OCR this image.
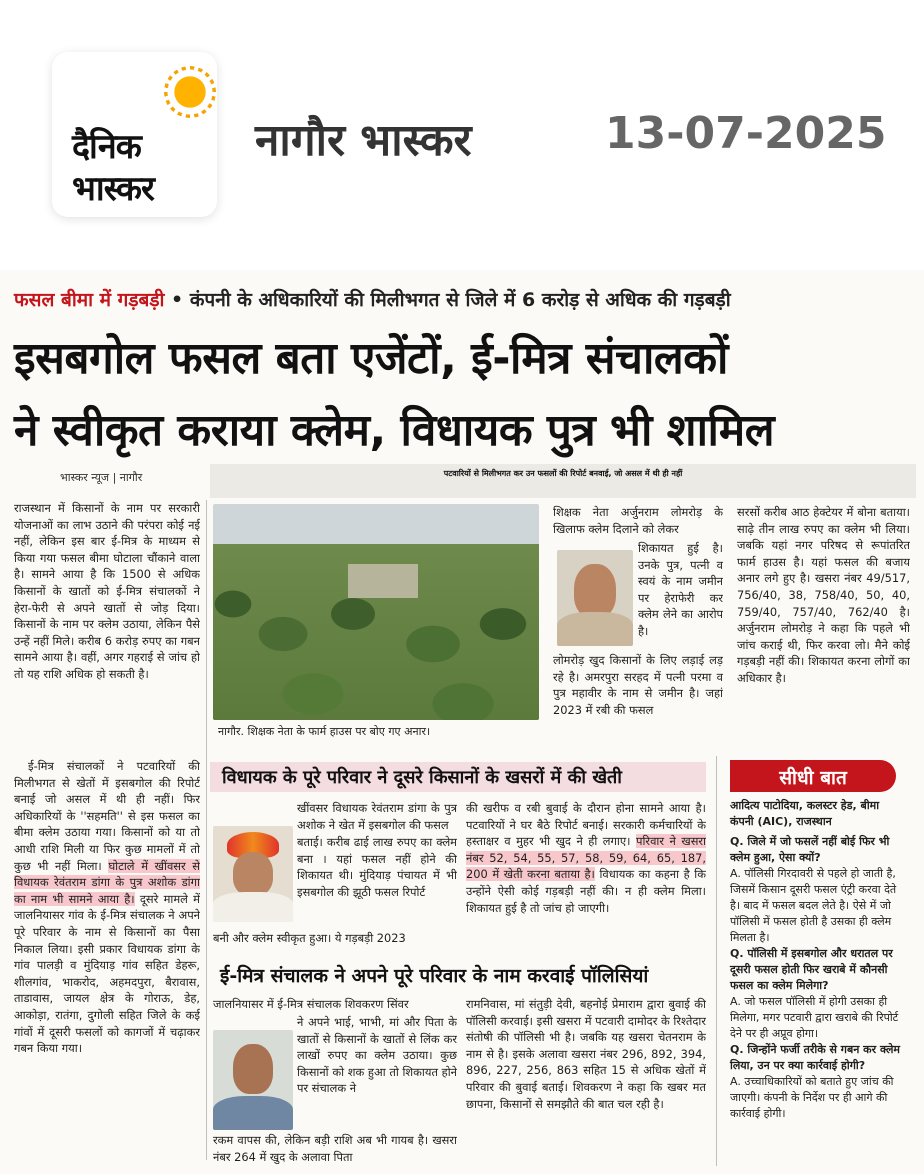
दैनिक
भास्कर
नागौर भास्कर	13-07-2025
फसल बीमा में गड़बड़ी • कंपनी के अधिकारियों की मिलीभगत से जिले में 6 करोड़ से अधिक की गड़बड़ी
इसबगोल फसल बता एजेंटों, ई-मित्र संचालकों
ने स्वीकृत कराया क्लेम, विधायक पुत्र भी शामिल
भास्कर न्यूज | नागौर	पटवारियों से मिलीभगत कर उन फसलों की रिपोर्ट बनवाई, जो असल में थी ही नहीं
राजस्थान में किसानों के नाम पर सरकारी योजनाओं का लाभ उठाने की परंपरा कोई नई नहीं, लेकिन इस बार ई-मित्र के माध्यम से किया गया फसल बीमा घोटाला चौंकाने वाला है। सामने आया है कि 1500 से अधिक किसानों के खातों को ई-मित्र संचालकों ने हेरा-फेरी से अपने खातों से जोड़ दिया। किसानों के नाम पर क्लेम उठाया, लेकिन पैसे उन्हें नहीं मिले। करीब 6 करोड़ रुपए का गबन सामने आया है। वहीं, अगर गहराई से जांच हो तो यह राशि अधिक हो सकती है।
ई-मित्र संचालकों ने पटवारियों की मिलीभगत से खेतों में इसबगोल की रिपोर्ट बनाई जो असल में थी ही नहीं। फिर अधिकारियों के ''सहमति'' से इस फसल का बीमा क्लेम उठाया गया। किसानों को या तो आधी राशि मिली या फिर कुछ मामलों में तो कुछ भी नहीं मिला। घोटाले में खींवसर से विधायक रेवंतराम डांगा के पुत्र अशोक डांगा का नाम भी सामने आया है। दूसरे मामले में जालनियासर गांव के ई-मित्र संचालक ने अपने पूरे परिवार के नाम से किसानों का पैसा निकाल लिया। इसी प्रकार विधायक डांगा के गांव पालड़ी व मुंदियाड़ गांव सहित डेहरू, शीलगांव, भाकरोद, अहमदपुरा, बैरावास, ताडावास, जायल क्षेत्र के गोराऊ, डेह, आकोड़ा, रातंगा, दुगोली सहित जिले के कई गांवों में दूसरी फसलों को कागजों में चढ़ाकर गबन किया गया।
नागौर. शिक्षक नेता के फार्म हाउस पर बोए गए अनार।
शिक्षक नेता अर्जुनराम लोमरोड़ के खिलाफ क्लेम दिलाने को लेकर
शिकायत हुई है। उनके पुत्र, पत्नी व स्वयं के नाम जमीन पर हेराफेरी कर क्लेम लेने का आरोप है।
लोमरोड़ खुद किसानों के लिए लड़ाई लड़ रहे है। अमरपुरा सरहद में पत्नी परमा व पुत्र महावीर के नाम से जमीन है। जहां 2023 में रबी की फसल
सरसों करीब आठ हेक्टेयर में बोना बताया। साढ़े तीन लाख रुपए का क्लेम भी लिया। जबकि यहां नगर परिषद से रूपांतरित फार्म हाउस है। यहां फसल की बजाय अनार लगे हुए है। खसरा नंबर 49/517, 756/40, 38, 758/40, 50, 40, 759/40, 757/40, 762/40 है। अर्जुनराम लोमरोड़ ने कहा कि पहले भी जांच कराई थी, फिर करवा लो। मैने कोई गड़बड़ी नहीं की। शिकायत करना लोगों का अधिकार है।
विधायक के पूरे परिवार ने दूसरे किसानों के खसरों में की खेती
खींवसर विधायक रेवंतराम डांगा के पुत्र अशोक ने खेत में इसबगोल की फसल
बताई। करीब ढाई लाख रुपए का क्लेम बना । यहां फसल नहीं होने की शिकायत थी। मुंदियाड़ पंचायत में भी इसबगोल की झूठी फसल रिपोर्ट
बनी और क्लेम स्वीकृत हुआ। ये गड़बड़ी 2023
की खरीफ व रबी बुवाई के दौरान होना सामने आया है। पटवारियों ने घर बैठे रिपोर्ट बनाई। सरकारी कर्मचारियों के हस्ताक्षर व मुहर भी खुद ने ही लगाए। परिवार ने खसरा नंबर 52, 54, 55, 57, 58, 59, 64, 65, 187, 200 में खेती करना बताया है। विधायक का कहना है कि उन्होंने ऐसी कोई गड़बड़ी नहीं की। न ही क्लेम मिला। शिकायत हुई है तो जांच हो जाएगी।
ई-मित्र संचालक ने अपने पूरे परिवार के नाम करवाई पॉलिसियां
जालनियासर में ई-मित्र संचालक शिवकरण सिंवर
ने अपने भाई, भाभी, मां और पिता के खातों से किसानों के खातों से लिंक कर लाखों रुपए का क्लेम उठाया। कुछ किसानों को शक हुआ तो शिकायत होने पर संचालक ने
रकम वापस की, लेकिन बड़ी राशि अब भी गायब है। खसरा नंबर 264 में खुद के अलावा पिता
रामनिवास, मां संतुड़ी देवी, बहनोई प्रेमाराम द्वारा बुवाई की पॉलिसी करवाई। इसी खसरा में पटवारी दामोदर के रिश्तेदार संतोषी की पॉलिसी भी है। जबकि यह खसरा चेतनराम के नाम से है। इसके अलावा खसरा नंबर 296, 892, 394, 896, 227, 256, 863 सहित 15 से अधिक खेतों में परिवार की बुवाई बताई। शिवकरण ने कहा कि खबर मत छापना, किसानों से समझौते की बात चल रही है।
सीधी बात
आदित्य पाटोदिया, कलस्टर हेड, बीमा कंपनी (AIC), राजस्थान
Q. जिले में जो फसलें नहीं बोई फिर भी क्लेम हुआ, ऐसा क्यों?
A. पॉलिसी गिरदावरी से पहले हो जाती है, जिसमें किसान दूसरी फसल एंट्री करवा देते है। बाद में फसल बदल लेते है। ऐसे में जो पॉलिसी में फसल होती है उसका ही क्लेम मिलता है।
Q. पॉलिसी में इसबगोल और धरातल पर दूसरी फसल होती फिर खराबे में कौनसी फसल का क्लेम मिलेगा?
A. जो फसल पॉलिसी में होगी उसका ही मिलेगा, मगर पटवारी द्वारा खराबे की रिपोर्ट देने पर ही अप्रूव होगा।
Q. जिन्होंने फर्जी तरीके से गबन कर क्लेम लिया, उन पर क्या कार्रवाई होगी?
A. उच्चाधिकारियों को बताते हुए जांच की जाएगी। कंपनी के निर्देश पर ही आगे की कार्रवाई होगी।
